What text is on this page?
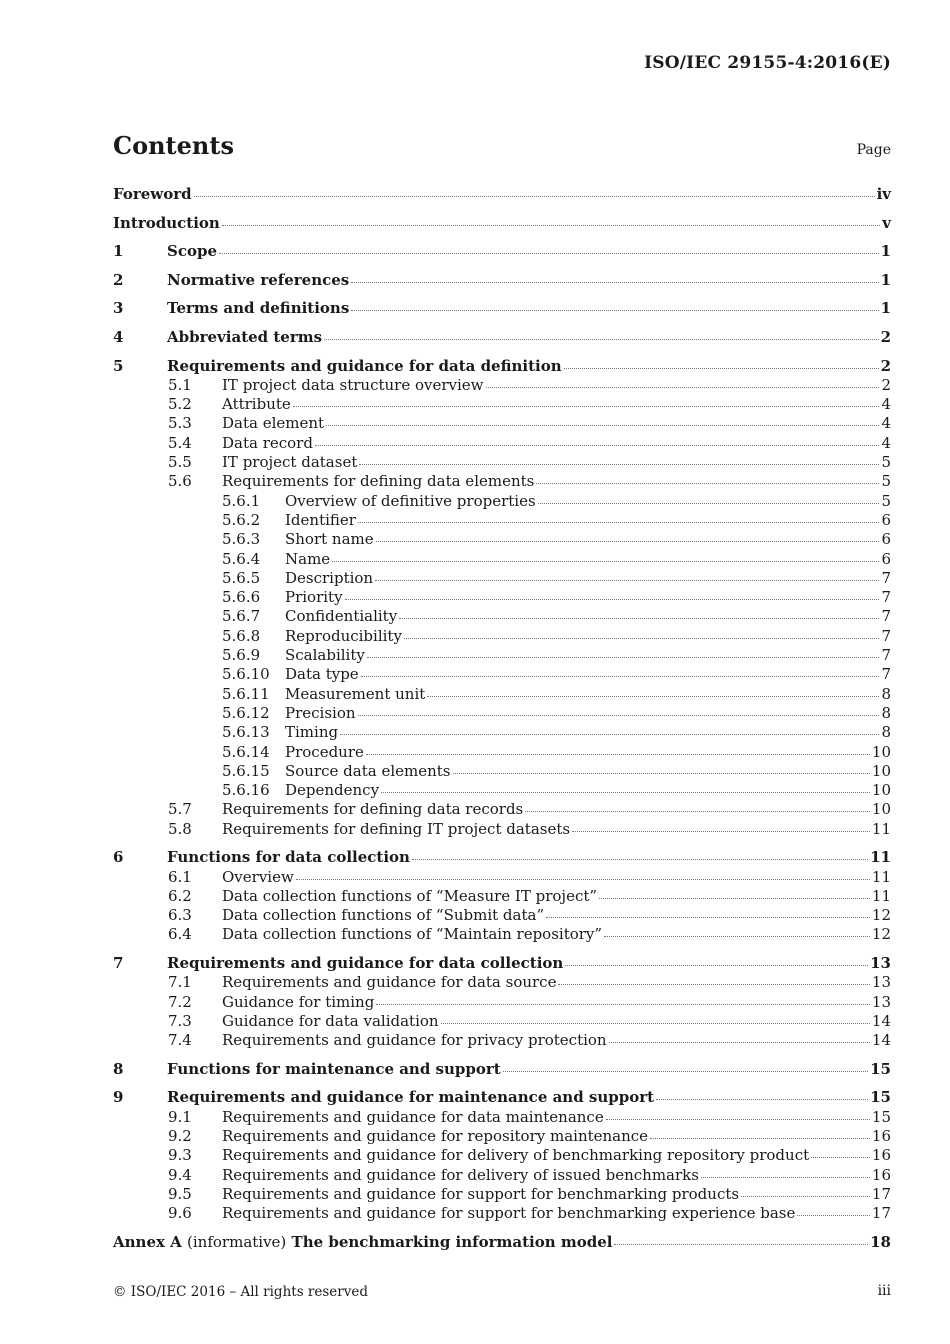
ISO/IEC 29155-4:2016(E)
Contents	Page
Foreword	iv
Introduction	v
1	Scope	1
2	Normative references	1
3	Terms and definitions	1
4	Abbreviated terms	2
5	Requirements and guidance for data definition	2
5.1 IT project data structure overview	2
5.2 Attribute	4
5.3 Data element	4
5.4 Data record	4
5.5 IT project dataset	5
5.6 Requirements for defining data elements	5
5.6.1 Overview of definitive properties	5
5.6.2 Identifier	6
5.6.3 Short name	6
5.6.4 Name	6
5.6.5 Description	7
5.6.6 Priority	7
5.6.7 Confidentiality	7
5.6.8 Reproducibility	7
5.6.9 Scalability	7
5.6.10 Data type	7
5.6.11 Measurement unit	8
5.6.12 Precision	8
5.6.13 Timing	8
5.6.14 Procedure	10
5.6.15 Source data elements	10
5.6.16 Dependency	10
5.7 Requirements for defining data records	10
5.8 Requirements for defining IT project datasets	11
6	Functions for data collection	11
6.1 Overview	11
6.2 Data collection functions of “Measure IT project”	11
6.3 Data collection functions of “Submit data”	12
6.4 Data collection functions of “Maintain repository”	12
7	Requirements and guidance for data collection	13
7.1 Requirements and guidance for data source	13
7.2 Guidance for timing	13
7.3 Guidance for data validation	14
7.4 Requirements and guidance for privacy protection	14
8	Functions for maintenance and support	15
9	Requirements and guidance for maintenance and support	15
9.1 Requirements and guidance for data maintenance	15
9.2 Requirements and guidance for repository maintenance	16
9.3 Requirements and guidance for delivery of benchmarking repository product	16
9.4 Requirements and guidance for delivery of issued benchmarks	16
9.5 Requirements and guidance for support for benchmarking products	17
9.6 Requirements and guidance for support for benchmarking experience base	17
Annex A (informative) The benchmarking information model	18
© ISO/IEC 2016 – All rights reserved	iii
